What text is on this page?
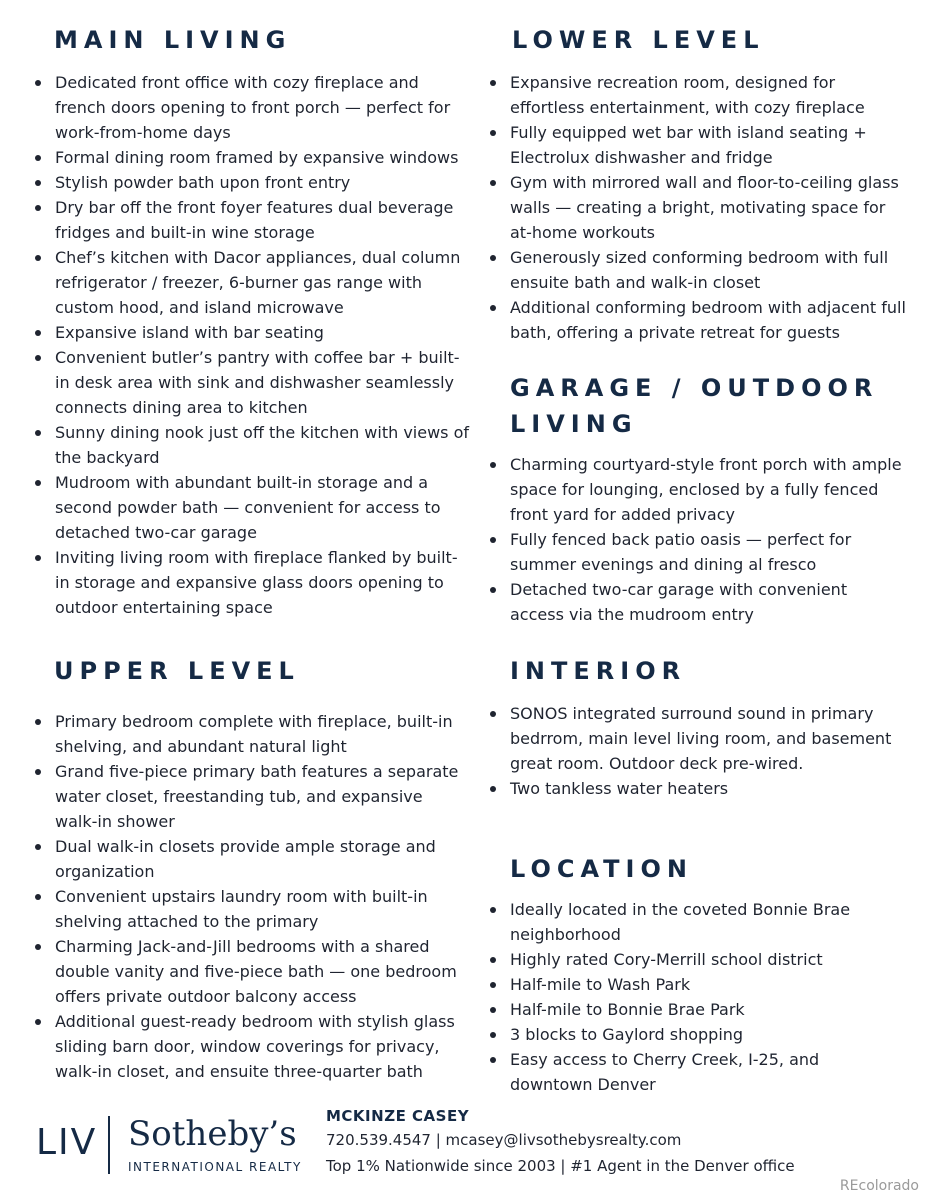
MAIN LIVING
Dedicated front office with cozy fireplace and french doors opening to front porch — perfect for work-from-home days
Formal dining room framed by expansive windows
Stylish powder bath upon front entry
Dry bar off the front foyer features dual beverage fridges and built-in wine storage
Chef’s kitchen with Dacor appliances, dual column refrigerator / freezer, 6-burner gas range with custom hood, and island microwave
Expansive island with bar seating
Convenient butler’s pantry with coffee bar + built-in desk area with sink and dishwasher seamlessly connects dining area to kitchen
Sunny dining nook just off the kitchen with views of the backyard
Mudroom with abundant built-in storage and a second powder bath — convenient for access to detached two-car garage
Inviting living room with fireplace flanked by built-in storage and expansive glass doors opening to outdoor entertaining space
UPPER LEVEL
Primary bedroom complete with fireplace, built-in shelving, and abundant natural light
Grand five-piece primary bath features a separate water closet, freestanding tub, and expansive walk-in shower
Dual walk-in closets provide ample storage and organization
Convenient upstairs laundry room with built-in shelving attached to the primary
Charming Jack-and-Jill bedrooms with a shared double vanity and five-piece bath — one bedroom offers private outdoor balcony access
Additional guest-ready bedroom with stylish glass sliding barn door, window coverings for privacy, walk-in closet, and ensuite three-quarter bath
LOWER LEVEL
Expansive recreation room, designed for effortless entertainment, with cozy fireplace
Fully equipped wet bar with island seating + Electrolux dishwasher and fridge
Gym with mirrored wall and floor-to-ceiling glass walls — creating a bright, motivating space for at-home workouts
Generously sized conforming bedroom with full ensuite bath and walk-in closet
Additional conforming bedroom with adjacent full bath, offering a private retreat for guests
GARAGE / OUTDOOR
LIVING
Charming courtyard-style front porch with ample space for lounging, enclosed by a fully fenced front yard for added privacy
Fully fenced back patio oasis — perfect for summer evenings and dining al fresco
Detached two-car garage with convenient access via the mudroom entry
INTERIOR
SONOS integrated surround sound in primary bedrrom, main level living room, and basement great room. Outdoor deck pre-wired.
Two tankless water heaters
LOCATION
Ideally located in the coveted Bonnie Brae neighborhood
Highly rated Cory-Merrill school district
Half-mile to Wash Park
Half-mile to Bonnie Brae Park
3 blocks to Gaylord shopping
Easy access to Cherry Creek, I-25, and downtown Denver
LIV Sotheby’s
INTERNATIONAL REALTY
MCKINZE CASEY
720.539.4547 | mcasey@livsothebysrealty.com
Top 1% Nationwide since 2003 | #1 Agent in the Denver office
REcolorado
